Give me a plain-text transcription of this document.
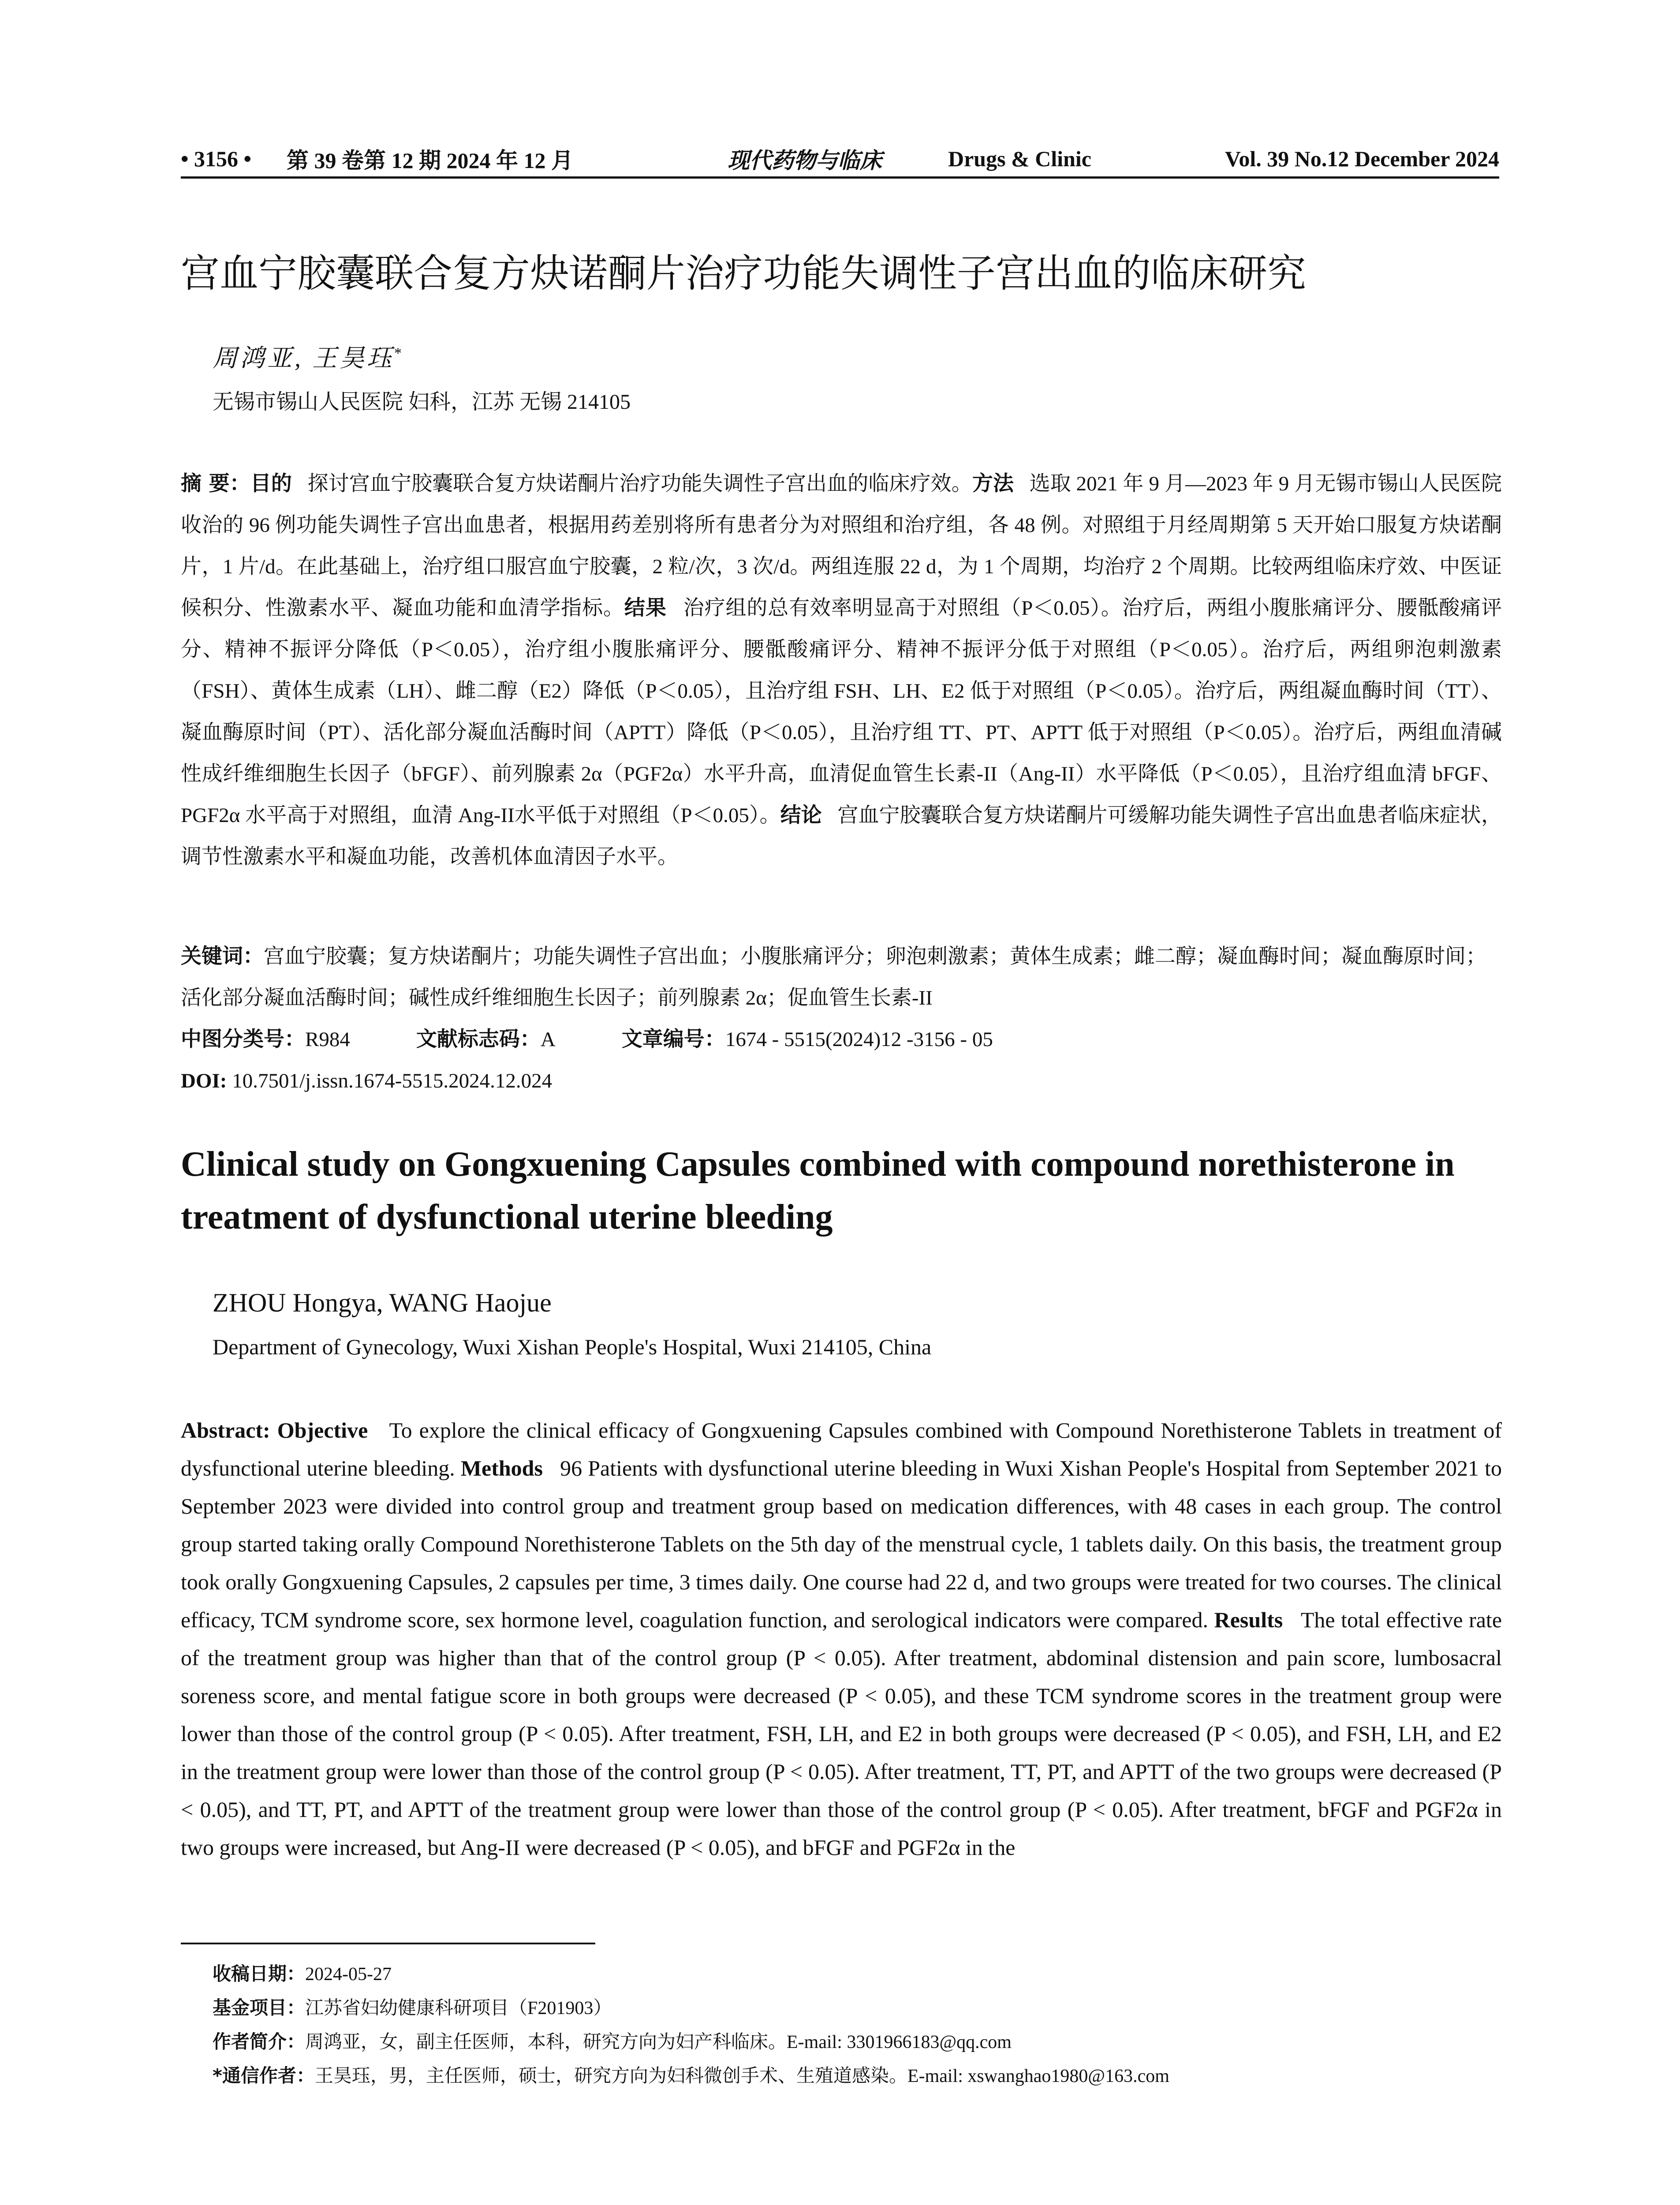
• 3156 •	第 39 卷第 12 期 2024 年 12 月	现代药物与临床	Drugs & Clinic	Vol. 39 No.12 December 2024
宫血宁胶囊联合复方炔诺酮片治疗功能失调性子宫出血的临床研究
周鸿亚, 王昊珏*
无锡市锡山人民医院 妇科，江苏 无锡 214105
摘 要：目的 探讨宫血宁胶囊联合复方炔诺酮片治疗功能失调性子宫出血的临床疗效。方法 选取 2021 年 9 月—2023 年 9 月无锡市锡山人民医院收治的 96 例功能失调性子宫出血患者，根据用药差别将所有患者分为对照组和治疗组，各 48 例。对照组于月经周期第 5 天开始口服复方炔诺酮片，1 片/d。在此基础上，治疗组口服宫血宁胶囊，2 粒/次，3 次/d。两组连服 22 d，为 1 个周期，均治疗 2 个周期。比较两组临床疗效、中医证候积分、性激素水平、凝血功能和血清学指标。结果 治疗组的总有效率明显高于对照组（P＜0.05）。治疗后，两组小腹胀痛评分、腰骶酸痛评分、精神不振评分降低（P＜0.05），治疗组小腹胀痛评分、腰骶酸痛评分、精神不振评分低于对照组（P＜0.05）。治疗后，两组卵泡刺激素（FSH）、黄体生成素（LH）、雌二醇（E2）降低（P＜0.05），且治疗组 FSH、LH、E2 低于对照组（P＜0.05）。治疗后，两组凝血酶时间（TT）、凝血酶原时间（PT）、活化部分凝血活酶时间（APTT）降低（P＜0.05），且治疗组 TT、PT、APTT 低于对照组（P＜0.05）。治疗后，两组血清碱性成纤维细胞生长因子（bFGF）、前列腺素 2α（PGF2α）水平升高，血清促血管生长素-II（Ang-II）水平降低（P＜0.05），且治疗组血清 bFGF、PGF2α 水平高于对照组，血清 Ang-II水平低于对照组（P＜0.05）。结论 宫血宁胶囊联合复方炔诺酮片可缓解功能失调性子宫出血患者临床症状，调节性激素水平和凝血功能，改善机体血清因子水平。
关键词：宫血宁胶囊；复方炔诺酮片；功能失调性子宫出血；小腹胀痛评分；卵泡刺激素；黄体生成素；雌二醇；凝血酶时间；凝血酶原时间；活化部分凝血活酶时间；碱性成纤维细胞生长因子；前列腺素 2α；促血管生长素-II
中图分类号：R984	文献标志码：A	文章编号：1674 - 5515(2024)12 -3156 - 05
DOI: 10.7501/j.issn.1674-5515.2024.12.024
Clinical study on Gongxuening Capsules combined with compound norethisterone in treatment of dysfunctional uterine bleeding
ZHOU Hongya, WANG Haojue
Department of Gynecology, Wuxi Xishan People's Hospital, Wuxi 214105, China
Abstract: Objective To explore the clinical efficacy of Gongxuening Capsules combined with Compound Norethisterone Tablets in treatment of dysfunctional uterine bleeding. Methods 96 Patients with dysfunctional uterine bleeding in Wuxi Xishan People's Hospital from September 2021 to September 2023 were divided into control group and treatment group based on medication differences, with 48 cases in each group. The control group started taking orally Compound Norethisterone Tablets on the 5th day of the menstrual cycle, 1 tablets daily. On this basis, the treatment group took orally Gongxuening Capsules, 2 capsules per time, 3 times daily. One course had 22 d, and two groups were treated for two courses. The clinical efficacy, TCM syndrome score, sex hormone level, coagulation function, and serological indicators were compared. Results The total effective rate of the treatment group was higher than that of the control group (P < 0.05). After treatment, abdominal distension and pain score, lumbosacral soreness score, and mental fatigue score in both groups were decreased (P < 0.05), and these TCM syndrome scores in the treatment group were lower than those of the control group (P < 0.05). After treatment, FSH, LH, and E2 in both groups were decreased (P < 0.05), and FSH, LH, and E2 in the treatment group were lower than those of the control group (P < 0.05). After treatment, TT, PT, and APTT of the two groups were decreased (P < 0.05), and TT, PT, and APTT of the treatment group were lower than those of the control group (P < 0.05). After treatment, bFGF and PGF2α in two groups were increased, but Ang-II were decreased (P < 0.05), and bFGF and PGF2α in the
收稿日期：2024-05-27
基金项目：江苏省妇幼健康科研项目（F201903）
作者简介：周鸿亚，女，副主任医师，本科，研究方向为妇产科临床。E-mail: 3301966183@qq.com
*通信作者：王昊珏，男，主任医师，硕士，研究方向为妇科微创手术、生殖道感染。E-mail: xswanghao1980@163.com
